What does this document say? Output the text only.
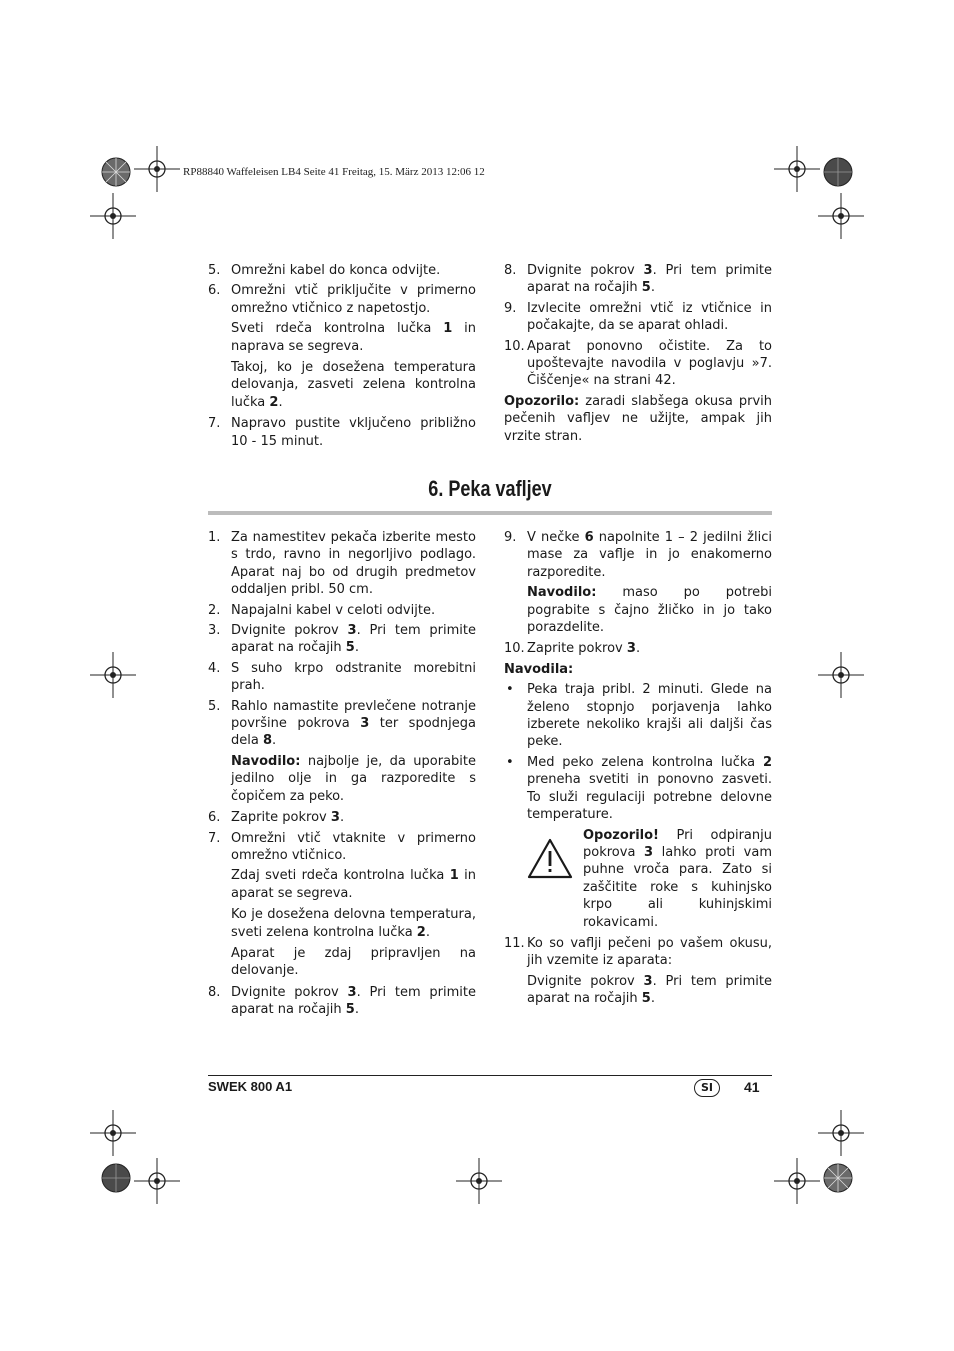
RP88840 Waffeleisen LB4 Seite 41 Freitag, 15. März 2013 12:06 12
5. Omrežni kabel do konca odvijte.
6. Omrežni vtič priključite v primerno omrežno vtičnico z napetostjo.
Sveti rdeča kontrolna lučka 1 in naprava se segreva.
Takoj, ko je dosežena temperatura delovanja, zasveti zelena kontrolna lučka 2.
7. Napravo pustite vključeno približno 10 - 15 minut.
8. Dvignite pokrov 3. Pri tem primite aparat na ročajih 5.
9. Izvlecite omrežni vtič iz vtičnice in počakajte, da se aparat ohladi.
10. Aparat ponovno očistite. Za to upoštevajte navodila v poglavju »7. Čiščenje« na strani 42.
Opozorilo: zaradi slabšega okusa prvih pečenih vafljev ne užijte, ampak jih vrzite stran.
6. Peka vafljev
1. Za namestitev pekača izberite mesto s trdo, ravno in negorljivo podlago. Aparat naj bo od drugih predmetov oddaljen pribl. 50 cm.
2. Napajalni kabel v celoti odvijte.
3. Dvignite pokrov 3. Pri tem primite aparat na ročajih 5.
4. S suho krpo odstranite morebitni prah.
5. Rahlo namastite prevlečene notranje površine pokrova 3 ter spodnjega dela 8.
Navodilo: najbolje je, da uporabite jedilno olje in ga razporedite s čopičem za peko.
6. Zaprite pokrov 3.
7. Omrežni vtič vtaknite v primerno omrežno vtičnico.
Zdaj sveti rdeča kontrolna lučka 1 in aparat se segreva.
Ko je dosežena delovna temperatura, sveti zelena kontrolna lučka 2.
Aparat je zdaj pripravljen na delovanje.
8. Dvignite pokrov 3. Pri tem primite aparat na ročajih 5.
9. V nečke 6 napolnite 1 – 2 jedilni žlici mase za vaflje in jo enakomerno razporedite.
Navodilo: maso po potrebi pograbite s čajno žličko in jo tako porazdelite.
10. Zaprite pokrov 3.
Navodila:
• Peka traja pribl. 2 minuti. Glede na želeno stopnjo porjavenja lahko izberete nekoliko krajši ali daljši čas peke.
• Med peko zelena kontrolna lučka 2 preneha svetiti in ponovno zasveti. To služi regulaciji potrebne delovne temperature.
Opozorilo! Pri odpiranju pokrova 3 lahko proti vam puhne vroča para. Zato si zaščitite roke s kuhinjsko krpo ali kuhinjskimi rokavicami.
11. Ko so vaflji pečeni po vašem okusu, jih vzemite iz aparata:
Dvignite pokrov 3. Pri tem primite aparat na ročajih 5.
SWEK 800 A1	SI	41
